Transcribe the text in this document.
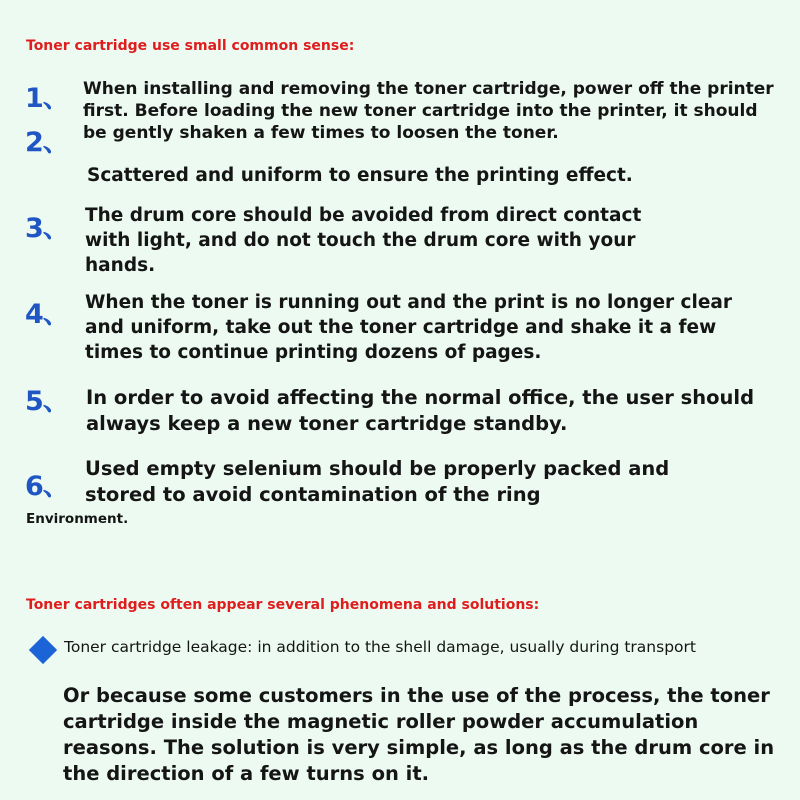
Toner cartridge use small common sense:
1、 When installing and removing the toner cartridge, power off the printer
first. Before loading the new toner cartridge into the printer, it should
2、 be gently shaken a few times to loosen the toner.
Scattered and uniform to ensure the printing effect.
3、 The drum core should be avoided from direct contact
with light, and do not touch the drum core with your
hands.
4、 When the toner is running out and the print is no longer clear
and uniform, take out the toner cartridge and shake it a few
times to continue printing dozens of pages.
5、 In order to avoid affecting the normal office, the user should
always keep a new toner cartridge standby.
6、
Used empty selenium should be properly packed and
stored to avoid contamination of the ring
Environment.
Toner cartridges often appear several phenomena and solutions:
Toner cartridge leakage: in addition to the shell damage, usually during transport
Or because some customers in the use of the process, the toner
cartridge inside the magnetic roller powder accumulation
reasons. The solution is very simple, as long as the drum core in
the direction of a few turns on it.
